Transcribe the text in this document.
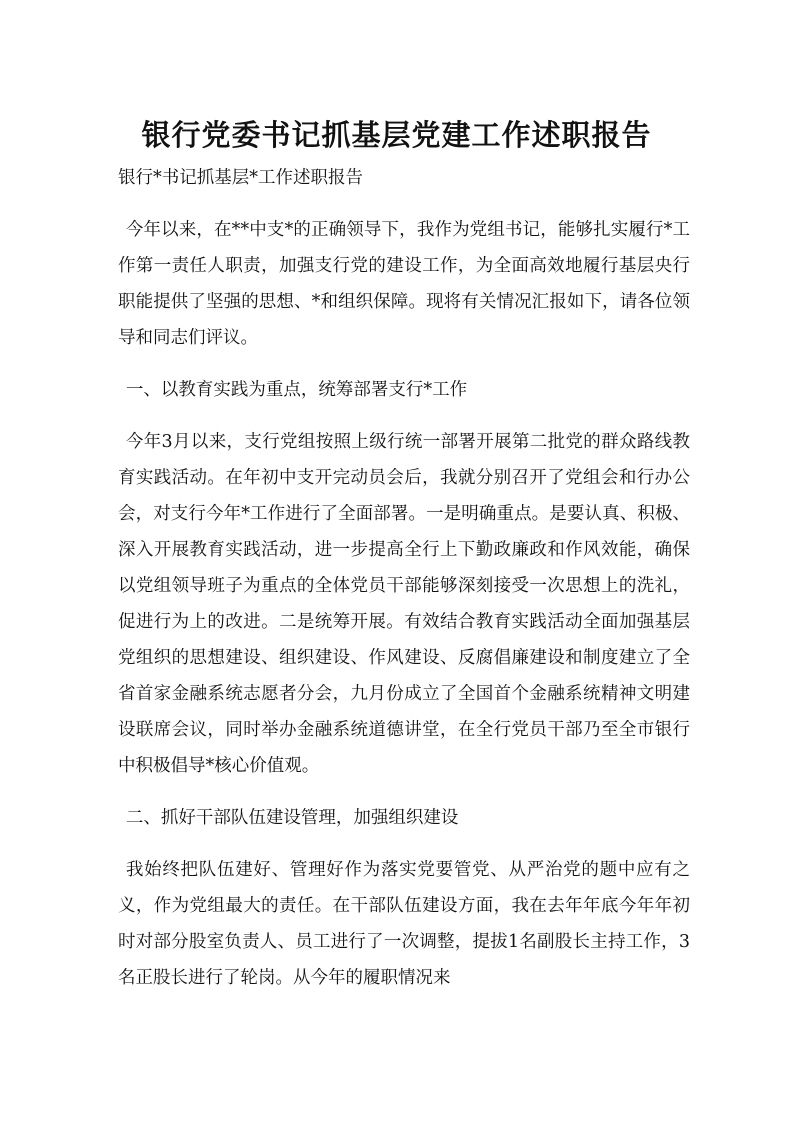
银行党委书记抓基层党建工作述职报告

银行*书记抓基层*工作述职报告

今年以来，在**中支*的正确领导下，我作为党组书记，能够扎实履行*工作第一责任人职责，加强支行党的建设工作，为全面高效地履行基层央行职能提供了坚强的思想、*和组织保障。现将有关情况汇报如下，请各位领导和同志们评议。

一、以教育实践为重点，统筹部署支行*工作

今年3月以来，支行党组按照上级行统一部署开展第二批党的群众路线教育实践活动。在年初中支开完动员会后，我就分别召开了党组会和行办公会，对支行今年*工作进行了全面部署。一是明确重点。是要认真、积极、深入开展教育实践活动，进一步提高全行上下勤政廉政和作风效能，确保以党组领导班子为重点的全体党员干部能够深刻接受一次思想上的洗礼，促进行为上的改进。二是统筹开展。有效结合教育实践活动全面加强基层党组织的思想建设、组织建设、作风建设、反腐倡廉建设和制度建立了全省首家金融系统志愿者分会，九月份成立了全国首个金融系统精神文明建设联席会议，同时举办金融系统道德讲堂，在全行党员干部乃至全市银行中积极倡导*核心价值观。

二、抓好干部队伍建设管理，加强组织建设

我始终把队伍建好、管理好作为落实党要管党、从严治党的题中应有之义，作为党组最大的责任。在干部队伍建设方面，我在去年年底今年年初时对部分股室负责人、员工进行了一次调整，提拔1名副股长主持工作，3名正股长进行了轮岗。从今年的履职情况来
